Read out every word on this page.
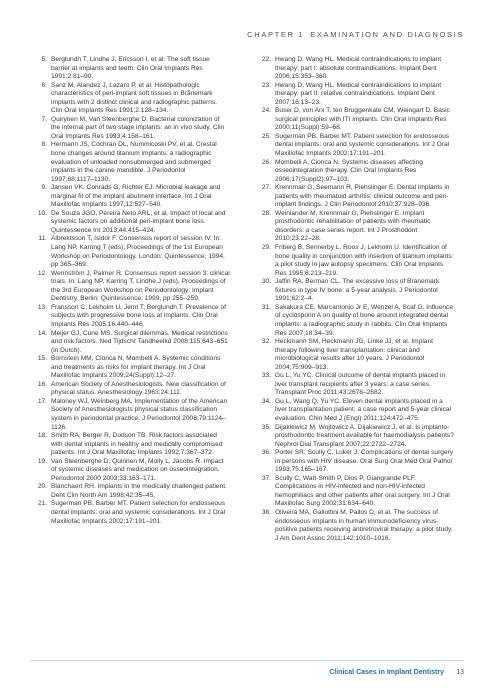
CHAPTER 1 EXAMINATION AND DIAGNOSIS
5. Berglundh T, Lindhe J, Ericsson I, et al. The soft tissue barrier at implants and teeth. Clin Oral Implants Res 1991;2:81–90.
6. Sanz M, Alandez J, Lazaro P, et al. Histopathologic characteristics of peri-implant soft tissues in Brånemark implants with 2 distinct clinical and radiographic patterns. Clin Oral Implants Res 1991;2:128–134.
7. Quirynen M, Van Steenberghe D. Bacterial colonization of the internal part of two stage implants: an in vivo study. Clin Oral Implants Res 1993;4:158–161.
8. Hermann JS, Cochran DL, Nummicoski PV, et al. Crestal bone changes around titanium implants: a radiographic evaluation of unloaded nonsubmerged and submerged implants in the canine mandible. J Periodontol 1997;68:1117–1130.
9. Jansen VK, Conrads G, Richter EJ. Microbial leakage and marginal fit of the implant abutment interface. Int J Oral Maxillofac Implants 1997;12:527–540.
10. De Souza JGO, Pereira Neto ARL, et al. Impact of local and systemic factors on additional peri-implant bone loss. Quintessence Int 2013;44:415–424.
11. Albrektsson T, Isidor F. Consensus report of session IV. In: Lang NP, Karring T (eds), Proceedings of the 1st European Workshop on Periodontology. London: Quintessence; 1994, pp 365–369.
12. Wennström J, Palmer R. Consensus report session 3: clinical trials. In: Lang NP, Karring T, Lindhe J (eds), Proceedings of the 3rd European Workshop on Periodontology: Implant Dentistry. Berlin: Quintessence; 1999, pp 255–259.
13. Fransson C, Lekholm U, Jemt T, Berglundh T. Prevalence of subjects with progressive bone loss at implants. Clin Oral Implants Res 2005;16:440–446.
14. Meijer GJ, Cune MS. Surgical dilemmas. Medical restrictions and risk factors. Ned Tijdschr Tandheelkd 2008;115:643–651 (in Dutch).
15. Bornstein MM, Cionca N, Mombelli A. Systemic conditions and treatments as risks for implant therapy. Int J Oral Maxillofac Implants 2009;24(Suppl):12–27.
16. American Society of Anesthesiologists. New classification of physical status. Anesthesiology 1963;24:111.
17. Maloney WJ, Weinberg MA. Implementation of the American Society of Anesthesiologists physical status classification system in periodontal practice. J Periodontol 2008;79:1124–1126.
18. Smith RA, Berger R, Dodson TB. Risk factors associated with dental implants in healthy and medically compromised patients. Int J Oral Maxillofac Implants 1992;7:367–372.
19. Van Steenberghe D, Quirinen M, Molly L, Jacobs R. Impact of systemic diseases and medication on osseointegration. Periodontol 2000 2003;33:163–171.
20. Blanchaert RH. Implants in the medically challenged patient. Dent Clin North Am 1998;42:35–45.
21. Sugerman PB, Barber MT. Patient selection for endosseous dental implants: oral and systemic considerations. Int J Oral Maxillofac Implants 2002;17:191–201.
22. Hwang D, Wang HL. Medical contraindications to implant therapy: part I: absolute contraindications. Implant Dent 2006;15:353–360.
23. Hwang D, Wang HL. Medical contraindications to implant therapy: part II: relative contraindications. Implant Dent 2007;16:13–23.
24. Buser D, von Arx T, ten Bruggenkate CM, Weingart D. Basic surgical principles with ITI implants. Clin Oral Implants Res 2000;11(Suppl):59–68.
25. Sugerman PB, Barber MT. Patient selection for endosseous dental implants: oral and systemic considerations. Int J Oral Maxillofac Implants 2002;17:191–201.
26. Mombelli A, Cionca N. Systemic diseases affecting osseointegration therapy. Clin Oral Implants Res 2006;17(Suppl2):97–103.
27. Krennmair G, Seemann R, Piehslinger E. Dental implants in patients with rheumatoid arthritis: clinical outcome and peri-implant findings. J Clin Periodontol 2010;37:928–936.
28. Weinlander M, Krennmair G, Piehslinger E. Implant prosthodontic rehabilitation of patients with rheumatic disorders: a case series report. Int J Prosthodont 2010;23:22–28.
29. Friberg B, Sennerby L, Roos J, Lekholm U. Identification of bone quality in conjunction with insertion of titanium implants: a pilot study in jaw autopsy specimens. Clin Oral Implants Res 1995;6:213–219.
30. Jaffin RA, Berman CL. The excessive loss of Branemark fixtures in type IV bone: a 5-year analysis. J Periodontol 1991;62:2–4.
31. Sakakura CE, Marcantonio Jr E, Wenzel A, Scaf G. Influence of cyclosporin A on quality of bone around integrated dental implants: a radiographic study in rabbits. Clin Oral Implants Res 2007;18:34–39.
32. Heckmann SM, Heckmann JG, Linke JJ, et al. Implant therapy following liver transplantation: clinical and microbiological results after 10 years. J Periodontol 2004;75:909–913.
33. Gu L, Yu YC. Clinical outcome of dental implants placed in liver transplant recipients after 3 years: a case series. Transplant Proc 2011;43:2678–2682.
34. Gu L, Wang Q, Yu YC. Eleven dental implants placed in a liver transplantation patient: a case report and 5-year clinical evaluation. Chin Med J (Engl) 2011;124:472–475.
35. Dijakiewicz M, Wojtowicz A, Dijakiewicz J, et al. Is implanto-prosthodontic treatment available for haemodialysis patients? Nephrol Dial Transplant 2007;22:2722–2724.
36. Porter SR, Scully C, Luker J. Complications of dental surgery in persons with HIV disease. Oral Surg Oral Med Oral Pathol 1993;75:165–167.
37. Scully C, Watt-Smith P, Dios P, Giangrande PLF. Complications in HIV-infected and non-HIV-infected hemophiliacs and other patients after oral surgery. Int J Oral Maxillofac Surg 2002;31:634–640.
38. Oliveira MA, Gallottini M, Pallos D, et al. The success of endosseous implants in human immunodeficiency virus-positive patients receiving antiretroviral therapy: a pilot study. J Am Dent Assoc 2011;142:1010–1016.
Clinical Cases in Implant Dentistry 13
